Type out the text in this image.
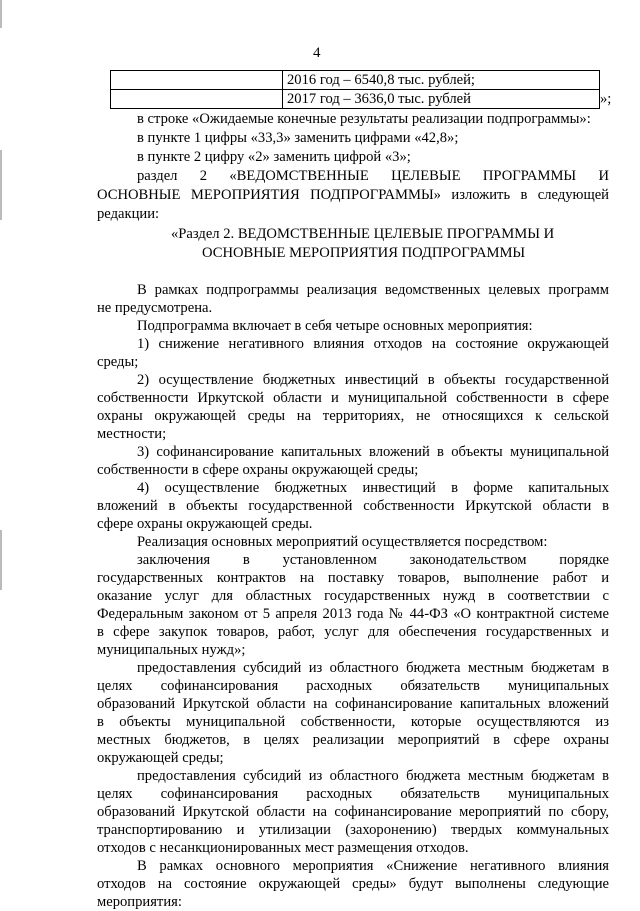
4
2016 год – 6540,8 тыс. рублей;
2017 год – 3636,0 тыс. рублей	»;
в строке «Ожидаемые конечные результаты реализации подпрограммы»:
в пункте 1 цифры «33,3» заменить цифрами «42,8»;
в пункте 2 цифру «2» заменить цифрой «3»;
раздел 2 «ВЕДОМСТВЕННЫЕ ЦЕЛЕВЫЕ ПРОГРАММЫ И
ОСНОВНЫЕ МЕРОПРИЯТИЯ ПОДПРОГРАММЫ» изложить в следующей
редакции:
«Раздел 2. ВЕДОМСТВЕННЫЕ ЦЕЛЕВЫЕ ПРОГРАММЫ И
ОСНОВНЫЕ МЕРОПРИЯТИЯ ПОДПРОГРАММЫ
В рамках подпрограммы реализация ведомственных целевых программ
не предусмотрена.
Подпрограмма включает в себя четыре основных мероприятия:
1) снижение негативного влияния отходов на состояние окружающей
среды;
2) осуществление бюджетных инвестиций в объекты государственной
собственности Иркутской области и муниципальной собственности в сфере
охраны окружающей среды на территориях, не относящихся к сельской
местности;
3) софинансирование капитальных вложений в объекты муниципальной
собственности в сфере охраны окружающей среды;
4) осуществление бюджетных инвестиций в форме капитальных
вложений в объекты государственной собственности Иркутской области в
сфере охраны окружающей среды.
Реализация основных мероприятий осуществляется посредством:
заключения в установленном законодательством порядке
государственных контрактов на поставку товаров, выполнение работ и
оказание услуг для областных государственных нужд в соответствии с
Федеральным законом от 5 апреля 2013 года № 44-ФЗ «О контрактной системе
в сфере закупок товаров, работ, услуг для обеспечения государственных и
муниципальных нужд»;
предоставления субсидий из областного бюджета местным бюджетам в
целях софинансирования расходных обязательств муниципальных
образований Иркутской области на софинансирование капитальных вложений
в объекты муниципальной собственности, которые осуществляются из
местных бюджетов, в целях реализации мероприятий в сфере охраны
окружающей среды;
предоставления субсидий из областного бюджета местным бюджетам в
целях софинансирования расходных обязательств муниципальных
образований Иркутской области на софинансирование мероприятий по сбору,
транспортированию и утилизации (захоронению) твердых коммунальных
отходов с несанкционированных мест размещения отходов.
В рамках основного мероприятия «Снижение негативного влияния
отходов на состояние окружающей среды» будут выполнены следующие
мероприятия:
